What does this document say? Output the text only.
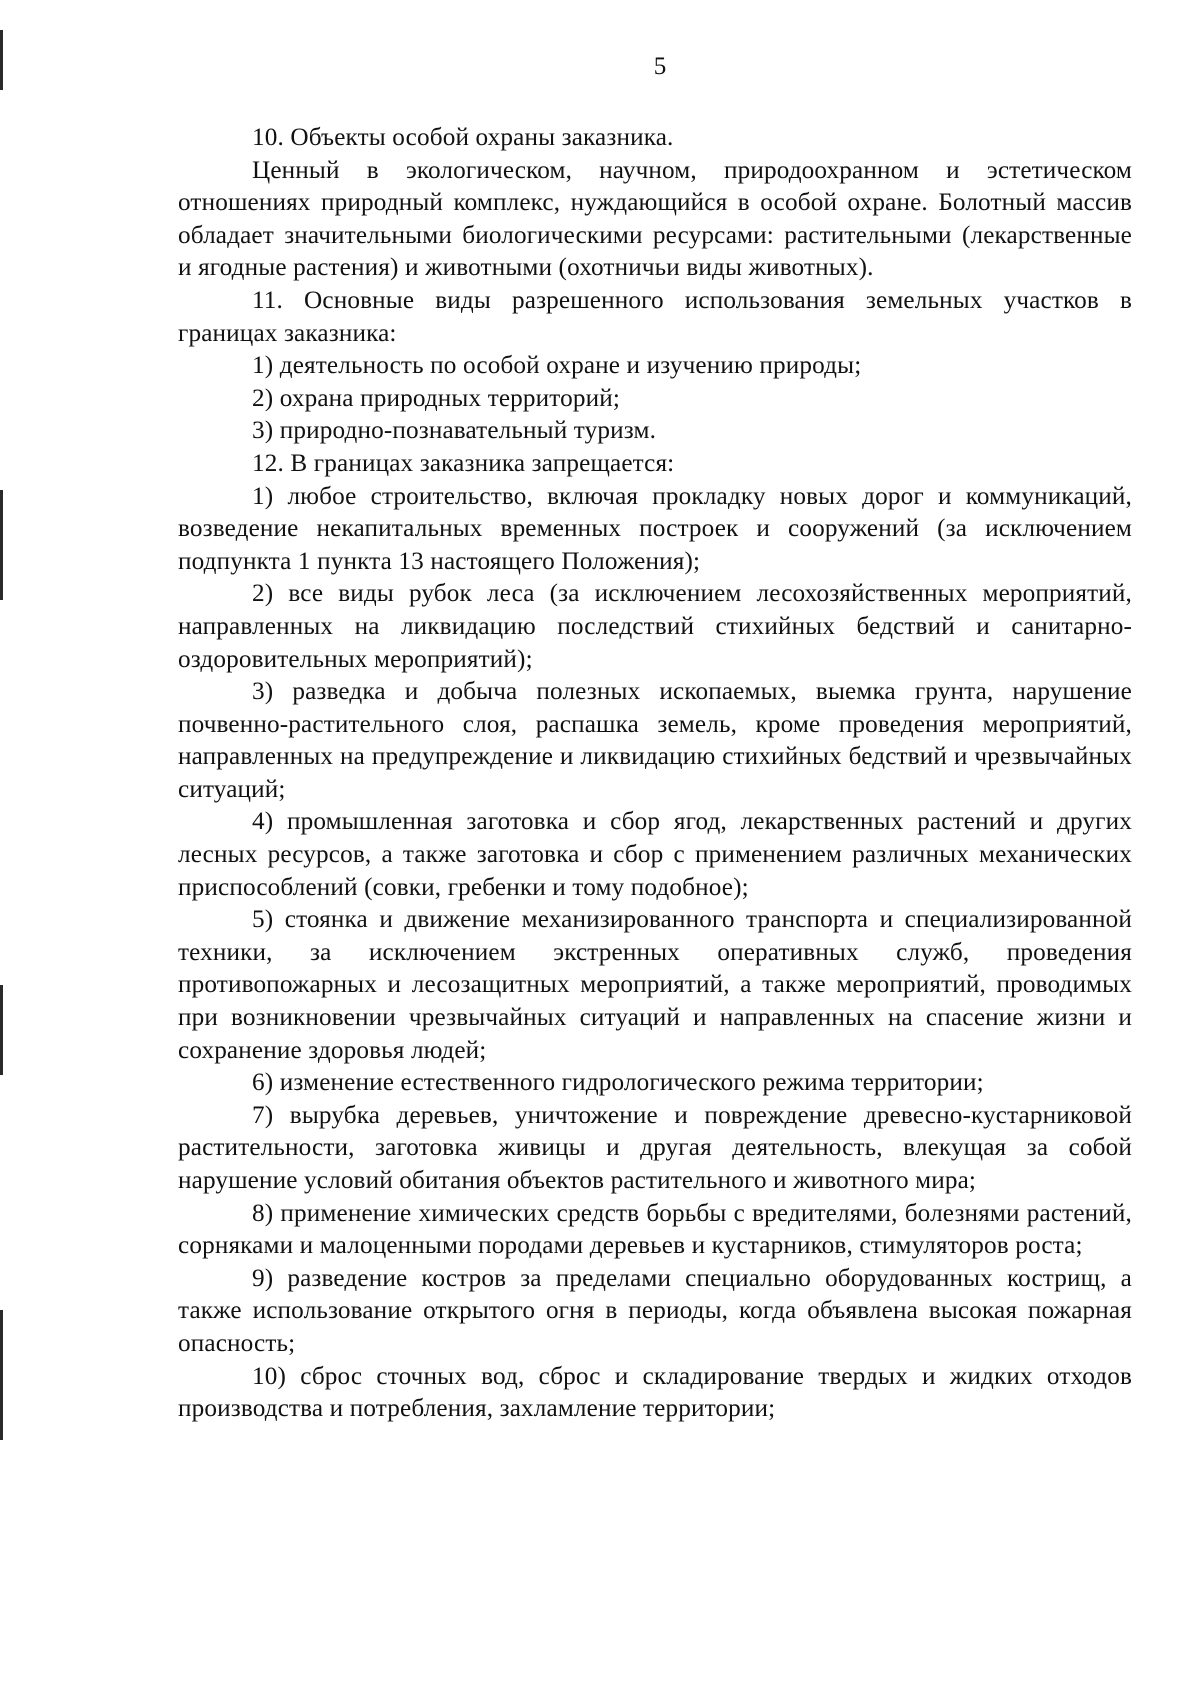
5

10. Объекты особой охраны заказника.

Ценный в экологическом, научном, природоохранном и эстетическом отношениях природный комплекс, нуждающийся в особой охране. Болотный массив обладает значительными биологическими ресурсами: растительными (лекарственные и ягодные растения) и животными (охотничьи виды животных).

11. Основные виды разрешенного использования земельных участков в границах заказника:

1) деятельность по особой охране и изучению природы;

2) охрана природных территорий;

3) природно-познавательный туризм.

12. В границах заказника запрещается:

1) любое строительство, включая прокладку новых дорог и коммуникаций, возведение некапитальных временных построек и сооружений (за исключением подпункта 1 пункта 13 настоящего Положения);

2) все виды рубок леса (за исключением лесохозяйственных мероприятий, направленных на ликвидацию последствий стихийных бедствий и санитарно-оздоровительных мероприятий);

3) разведка и добыча полезных ископаемых, выемка грунта, нарушение почвенно-растительного слоя, распашка земель, кроме проведения мероприятий, направленных на предупреждение и ликвидацию стихийных бедствий и чрезвычайных ситуаций;

4) промышленная заготовка и сбор ягод, лекарственных растений и других лесных ресурсов, а также заготовка и сбор с применением различных механических приспособлений (совки, гребенки и тому подобное);

5) стоянка и движение механизированного транспорта и специализированной техники, за исключением экстренных оперативных служб, проведения противопожарных и лесозащитных мероприятий, а также мероприятий, проводимых при возникновении чрезвычайных ситуаций и направленных на спасение жизни и сохранение здоровья людей;

6) изменение естественного гидрологического режима территории;

7) вырубка деревьев, уничтожение и повреждение древесно-кустарниковой растительности, заготовка живицы и другая деятельность, влекущая за собой нарушение условий обитания объектов растительного и животного мира;

8) применение химических средств борьбы с вредителями, болезнями растений, сорняками и малоценными породами деревьев и кустарников, стимуляторов роста;

9) разведение костров за пределами специально оборудованных кострищ, а также использование открытого огня в периоды, когда объявлена высокая пожарная опасность;

10) сброс сточных вод, сброс и складирование твердых и жидких отходов производства и потребления, захламление территории;
